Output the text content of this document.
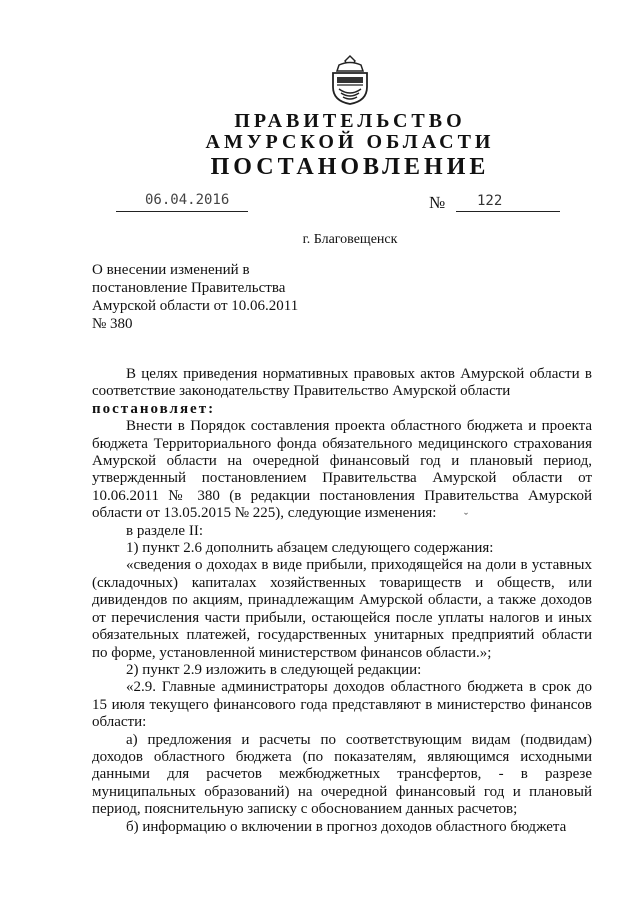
ПРАВИТЕЛЬСТВО
АМУРСКОЙ ОБЛАСТИ
ПОСТАНОВЛЕНИЕ
06.04.2016	№ 122
г. Благовещенск
О внесении изменений в
постановление Правительства
Амурской области от 10.06.2011
№ 380
ˇ

В целях приведения нормативных правовых актов Амурской области в соответствие законодательству Правительство Амурской области

постановляет:

Внести в Порядок составления проекта областного бюджета и проекта бюджета Территориального фонда обязательного медицинского страхования Амурской области на очередной финансовый год и плановый период, утвержденный постановлением Правительства Амурской области от 10.06.2011 № 380 (в редакции постановления Правительства Амурской области от 13.05.2015 № 225), следующие изменения:

в разделе II:

1) пункт 2.6 дополнить абзацем следующего содержания:

«сведения о доходах в виде прибыли, приходящейся на доли в уставных (складочных) капиталах хозяйственных товариществ и обществ, или дивидендов по акциям, принадлежащим Амурской области, а также доходов от перечисления части прибыли, остающейся после уплаты налогов и иных обязательных платежей, государственных унитарных предприятий области по форме, установленной министерством финансов области.»;

2) пункт 2.9 изложить в следующей редакции:

«2.9. Главные администраторы доходов областного бюджета в срок до 15 июля текущего финансового года представляют в министерство финансов области:

а) предложения и расчеты по соответствующим видам (подвидам) доходов областного бюджета (по показателям, являющимся исходными данными для расчетов межбюджетных трансфертов, - в разрезе муниципальных образований) на очередной финансовый год и плановый период, пояснительную записку с обоснованием данных расчетов;

б) информацию о включении в прогноз доходов областного бюджета
